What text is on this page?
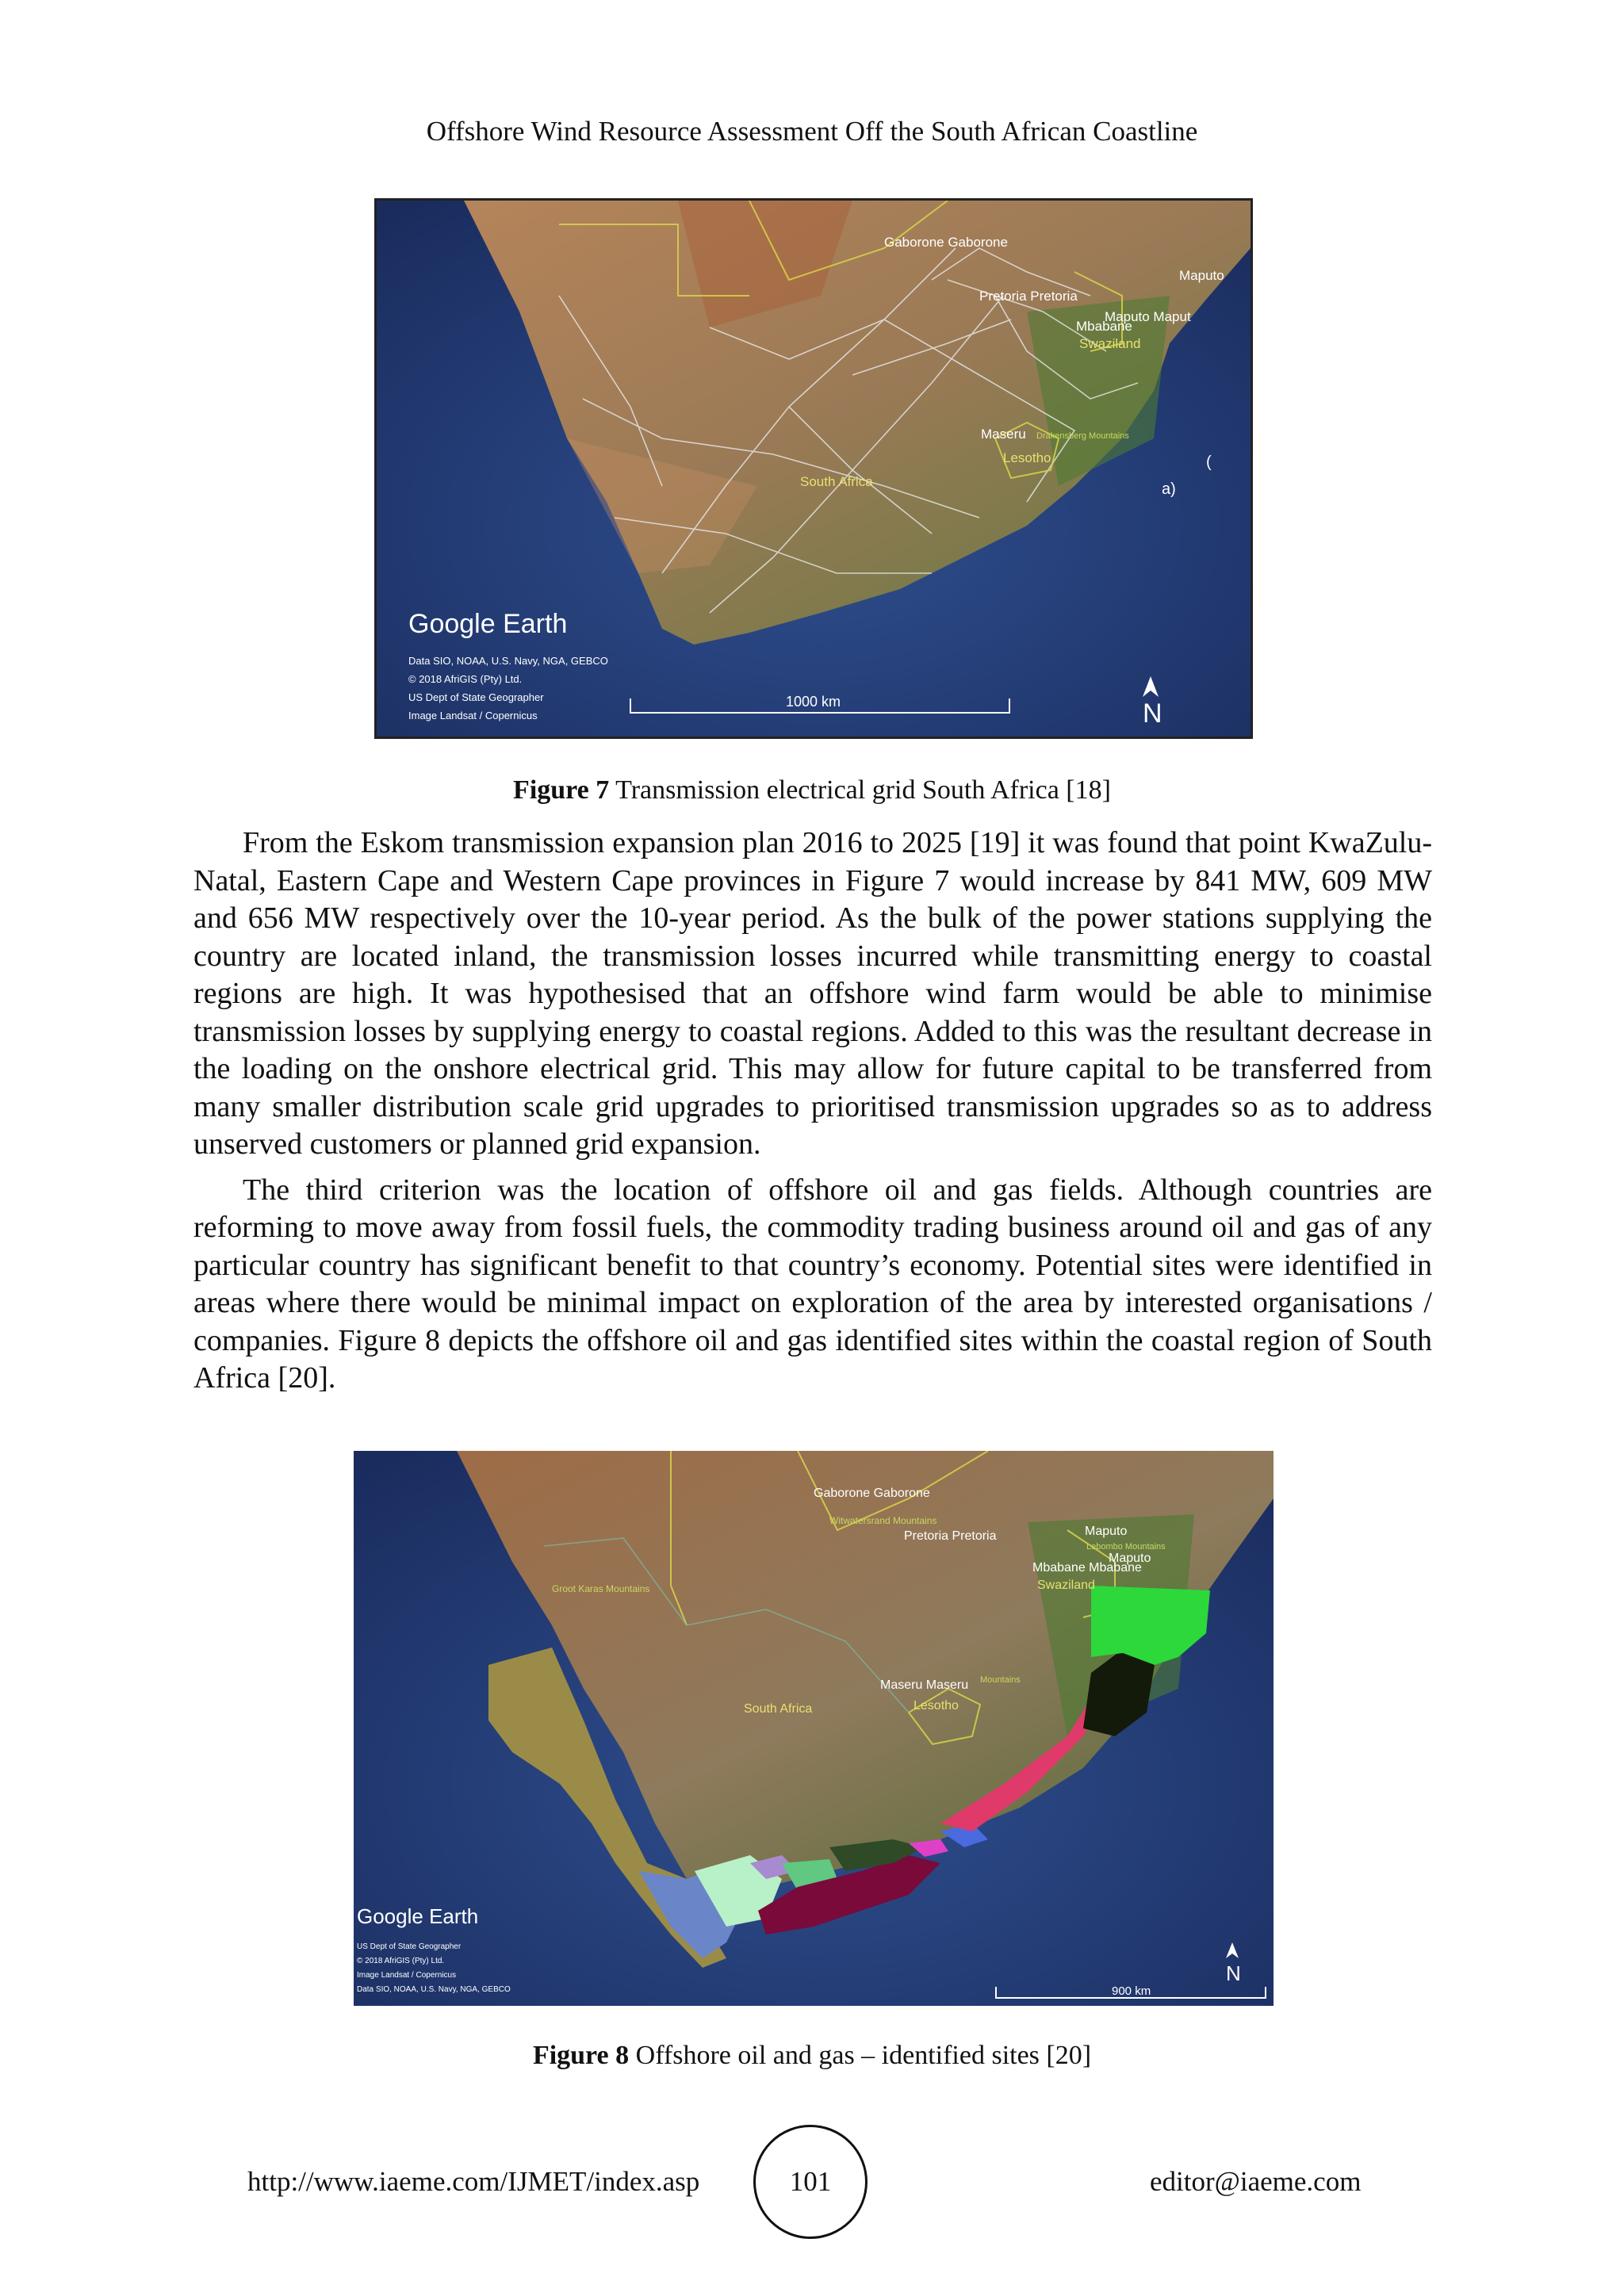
Offshore Wind Resource Assessment Off the South African Coastline
Gaborone Gaborone
Pretoria Pretoria
Maputo
Maputo Maput
Mbabane
Swaziland
Maseru Drakensberg Mountains
Lesotho
South Africa	a)
(
Google Earth
Data SIO, NOAA, U.S. Navy, NGA, GEBCO
© 2018 AfriGIS (Pty) Ltd.
US Dept of State Geographer
Image Landsat / Copernicus
1000 km	N
Figure 7 Transmission electrical grid South Africa [18]

From the Eskom transmission expansion plan 2016 to 2025 [19] it was found that point KwaZulu-Natal, Eastern Cape and Western Cape provinces in Figure 7 would increase by 841 MW, 609 MW and 656 MW respectively over the 10-year period. As the bulk of the power stations supplying the country are located inland, the transmission losses incurred while transmitting energy to coastal regions are high. It was hypothesised that an offshore wind farm would be able to minimise transmission losses by supplying energy to coastal regions. Added to this was the resultant decrease in the loading on the onshore electrical grid. This may allow for future capital to be transferred from many smaller distribution scale grid upgrades to prioritised transmission upgrades so as to address unserved customers or planned grid expansion.

The third criterion was the location of offshore oil and gas fields. Although countries are reforming to move away from fossil fuels, the commodity trading business around oil and gas of any particular country has significant benefit to that country’s economy. Potential sites were identified in areas where there would be minimal impact on exploration of the area by interested organisations / companies. Figure 8 depicts the offshore oil and gas identified sites within the coastal region of South Africa [20].

Gaborone Gaborone
Witwatersrand Mountains
Pretoria Pretoria	Maputo
Lebombo Mountains
Maputo
Mbabane Mbabane
Swaziland
Groot Karas Mountains
Maseru Maseru Mountains
Lesotho
South Africa
Google Earth
US Dept of State Geographer
© 2018 AfriGIS (Pty) Ltd.
Image Landsat / Copernicus
Data SIO, NOAA, U.S. Navy, NGA, GEBCO	900 km
N
Figure 8 Offshore oil and gas – identified sites [20]
http://www.iaeme.com/IJMET/index.asp	101	editor@iaeme.com
